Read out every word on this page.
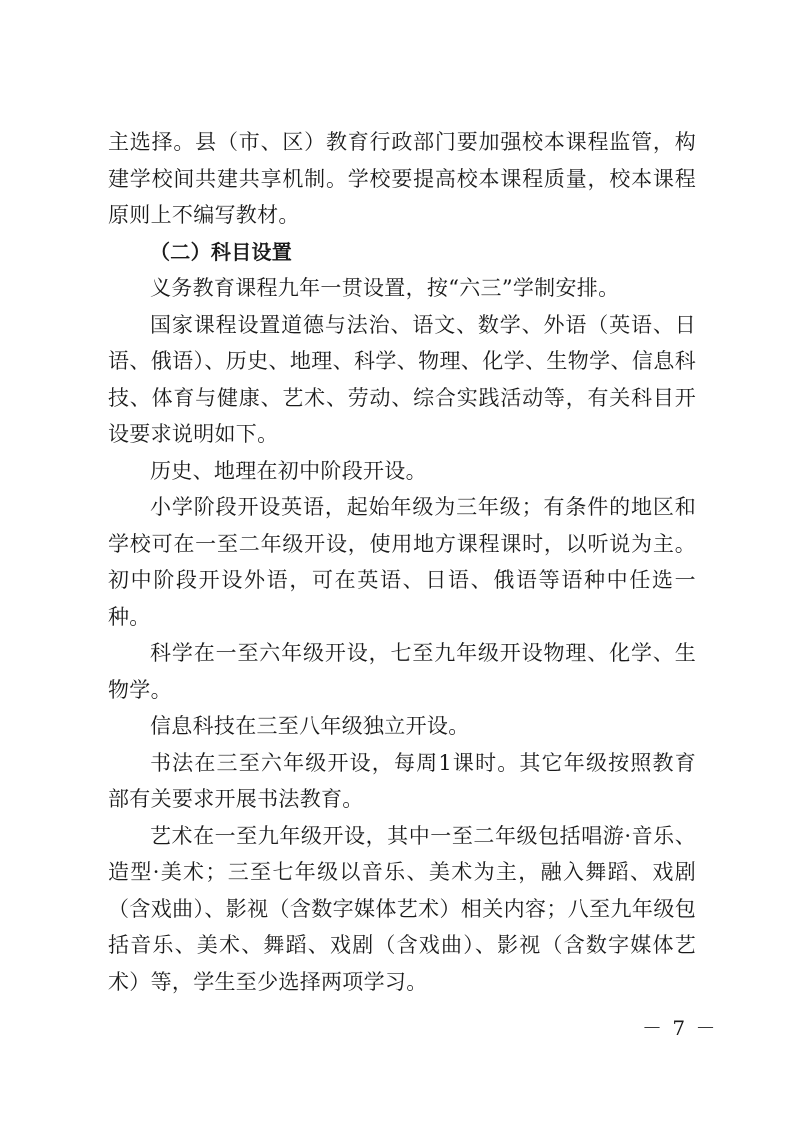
主选择。县（市、区）教育行政部门要加强校本课程监管，构建学校间共建共享机制。学校要提高校本课程质量，校本课程原则上不编写教材。

（二）科目设置

义务教育课程九年一贯设置，按“六三”学制安排。

国家课程设置道德与法治、语文、数学、外语（英语、日语、俄语）、历史、地理、科学、物理、化学、生物学、信息科技、体育与健康、艺术、劳动、综合实践活动等，有关科目开设要求说明如下。

历史、地理在初中阶段开设。

小学阶段开设英语，起始年级为三年级；有条件的地区和学校可在一至二年级开设，使用地方课程课时，以听说为主。初中阶段开设外语，可在英语、日语、俄语等语种中任选一种。

科学在一至六年级开设，七至九年级开设物理、化学、生物学。

信息科技在三至八年级独立开设。

书法在三至六年级开设，每周1课时。其它年级按照教育部有关要求开展书法教育。

艺术在一至九年级开设，其中一至二年级包括唱游·音乐、造型·美术；三至七年级以音乐、美术为主，融入舞蹈、戏剧（含戏曲）、影视（含数字媒体艺术）相关内容；八至九年级包括音乐、美术、舞蹈、戏剧（含戏曲）、影视（含数字媒体艺术）等，学生至少选择两项学习。

－ 7 －
